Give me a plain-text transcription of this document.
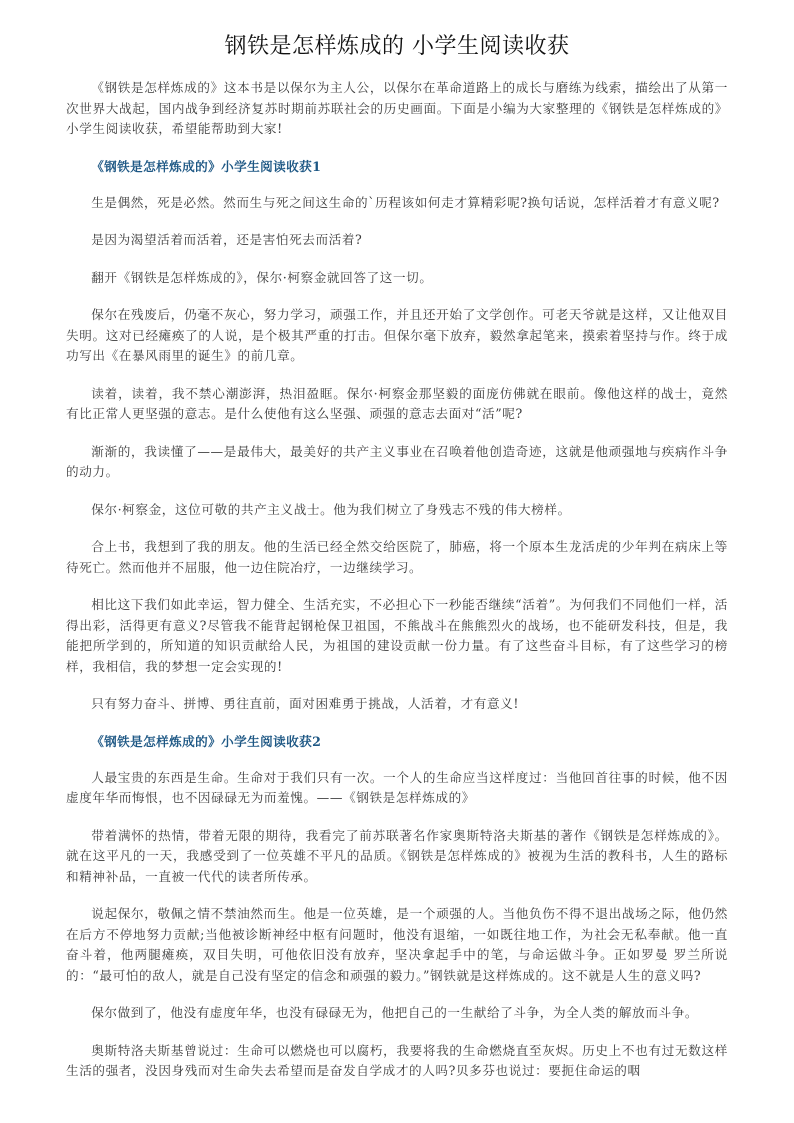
钢铁是怎样炼成的 小学生阅读收获

《钢铁是怎样炼成的》这本书是以保尔为主人公，以保尔在革命道路上的成长与磨练为线索，描绘出了从第一次世界大战起，国内战争到经济复苏时期前苏联社会的历史画面。下面是小编为大家整理的《钢铁是怎样炼成的》小学生阅读收获，希望能帮助到大家!

《钢铁是怎样炼成的》小学生阅读收获1

生是偶然，死是必然。然而生与死之间这生命的`历程该如何走才算精彩呢?换句话说，怎样活着才有意义呢?

是因为渴望活着而活着，还是害怕死去而活着?

翻开《钢铁是怎样炼成的》，保尔·柯察金就回答了这一切。

保尔在残废后，仍毫不灰心，努力学习，顽强工作，并且还开始了文学创作。可老天爷就是这样，又让他双目失明。这对已经瘫痪了的人说，是个极其严重的打击。但保尔毫下放弃，毅然拿起笔来，摸索着坚持与作。终于成功写出《在暴风雨里的诞生》的前几章。

读着，读着，我不禁心潮澎湃，热泪盈眶。保尔·柯察金那坚毅的面庞仿佛就在眼前。像他这样的战士，竟然有比正常人更坚强的意志。是什么使他有这么坚强、顽强的意志去面对“活”呢?

渐渐的，我读懂了——是最伟大，最美好的共产主义事业在召唤着他创造奇迹，这就是他顽强地与疾病作斗争的动力。

保尔·柯察金，这位可敬的共产主义战士。他为我们树立了身残志不残的伟大榜样。

合上书，我想到了我的朋友。他的生活已经全然交给医院了，肺癌，将一个原本生龙活虎的少年判在病床上等待死亡。然而他并不屈服，他一边住院冶疗，一边继续学习。

相比这下我们如此幸运，智力健全、生活充实，不必担心下一秒能否继续“活着”。为何我们不同他们一样，活得出彩，活得更有意义?尽管我不能背起钢枪保卫祖国，不熊战斗在熊熊烈火的战场，也不能研发科技，但是，我能把所学到的，所知道的知识贡献给人民，为祖国的建设贡献一份力量。有了这些奋斗目标，有了这些学习的榜样，我相信，我的梦想一定会实现的!

只有努力奋斗、拼博、勇往直前，面对困难勇于挑战，人活着，才有意义!

《钢铁是怎样炼成的》小学生阅读收获2

人最宝贵的东西是生命。生命对于我们只有一次。一个人的生命应当这样度过：当他回首往事的时候，他不因虚度年华而悔恨，也不因碌碌无为而羞愧。——《钢铁是怎样炼成的》

带着满怀的热情，带着无限的期待，我看完了前苏联著名作家奥斯特洛夫斯基的著作《钢铁是怎样炼成的》。就在这平凡的一天，我感受到了一位英雄不平凡的品质。《钢铁是怎样炼成的》被视为生活的教科书，人生的路标和精神补品，一直被一代代的读者所传承。

说起保尔，敬佩之情不禁油然而生。他是一位英雄，是一个顽强的人。当他负伤不得不退出战场之际，他仍然在后方不停地努力贡献;当他被诊断神经中枢有问题时，他没有退缩，一如既往地工作，为社会无私奉献。他一直奋斗着，他两腿瘫痪，双目失明，可他依旧没有放弃，坚决拿起手中的笔，与命运做斗争。正如罗曼 罗兰所说的：“最可怕的敌人，就是自己没有坚定的信念和顽强的毅力。”钢铁就是这样炼成的。这不就是人生的意义吗?

保尔做到了，他没有虚度年华，也没有碌碌无为，他把自己的一生献给了斗争，为全人类的解放而斗争。

奥斯特洛夫斯基曾说过：生命可以燃烧也可以腐朽，我要将我的生命燃烧直至灰烬。历史上不也有过无数这样生活的强者，没因身残而对生命失去希望而是奋发自学成才的人吗?贝多芬也说过：要扼住命运的咽
